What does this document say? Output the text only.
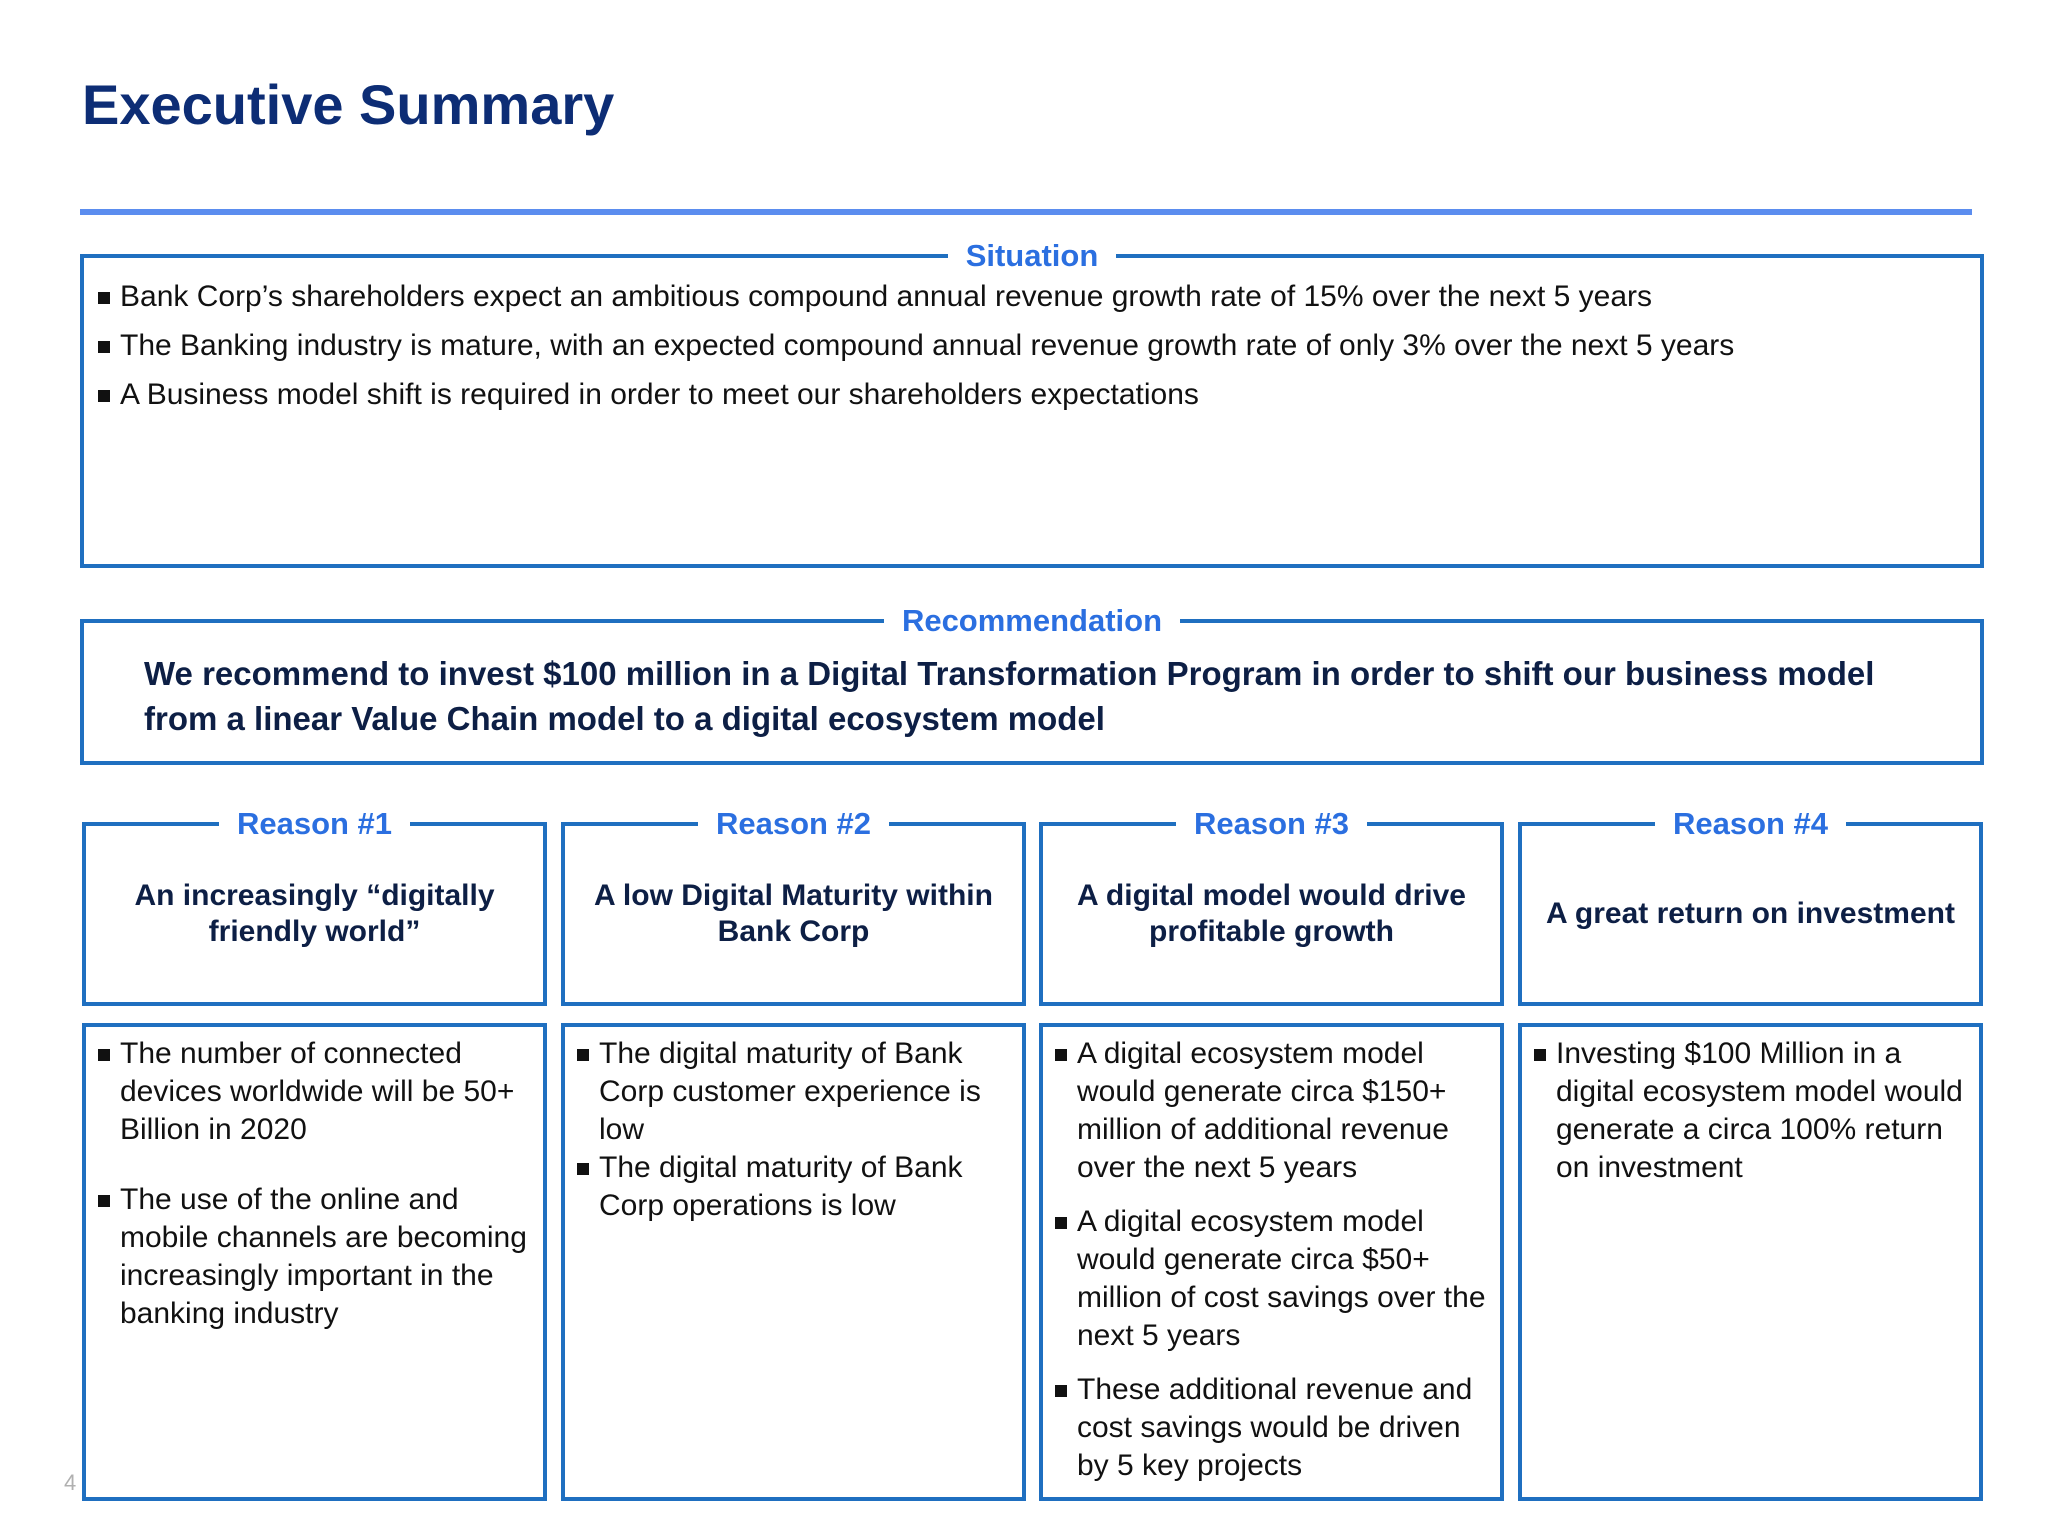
Executive Summary
Situation
Bank Corp’s shareholders expect an ambitious compound annual revenue growth rate of 15% over the next 5 years
The Banking industry is mature, with an expected compound annual revenue growth rate of only 3% over the next 5 years
A Business model shift is required in order to meet our shareholders expectations
Recommendation
We recommend to invest $100 million in a Digital Transformation Program in order to shift our business model from a linear Value Chain model to a digital ecosystem model
Reason #1
An increasingly “digitally friendly world”
The number of connected devices worldwide will be 50+ Billion in 2020
The use of the online and mobile channels are becoming increasingly important in the banking industry
Reason #2
A low Digital Maturity within Bank Corp
The digital maturity of Bank Corp customer experience is low
The digital maturity of Bank Corp operations is low
Reason #3
A digital model would drive profitable growth
A digital ecosystem model would generate circa $150+ million of additional revenue over the next 5 years
A digital ecosystem model would generate circa $50+ million of cost savings over the next 5 years
These additional revenue and cost savings would be driven by 5 key projects
Reason #4
A great return on investment
Investing $100 Million in a digital ecosystem model would generate a circa 100% return on investment
4
